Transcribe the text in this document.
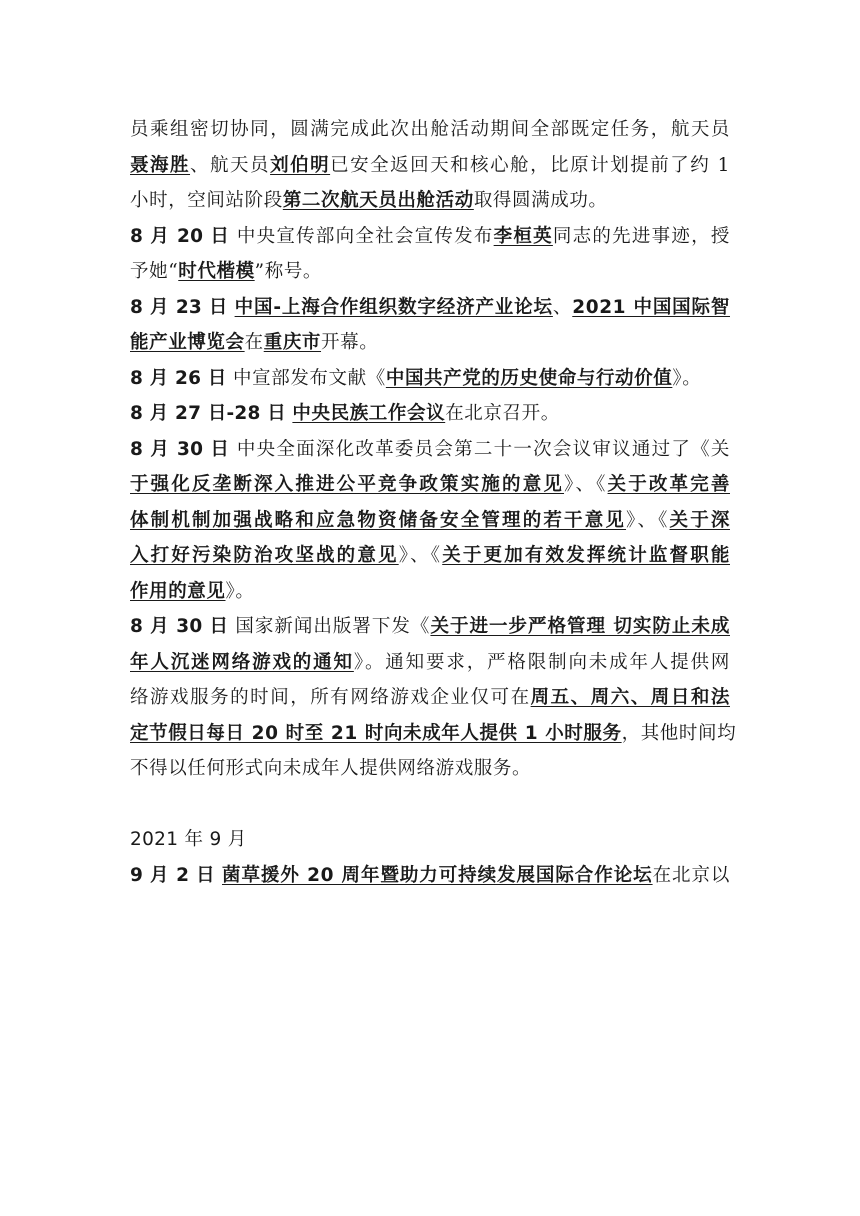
员乘组密切协同，圆满完成此次出舱活动期间全部既定任务，航天员
聂海胜、航天员刘伯明已安全返回天和核心舱，比原计划提前了约 1
小时，空间站阶段第二次航天员出舱活动取得圆满成功。
8 月 20 日 中央宣传部向全社会宣传发布李桓英同志的先进事迹，授
予她“时代楷模”称号。
8 月 23 日 中国-上海合作组织数字经济产业论坛、2021 中国国际智
能产业博览会在重庆市开幕。
8 月 26 日 中宣部发布文献《中国共产党的历史使命与行动价值》。
8 月 27 日-28 日 中央民族工作会议在北京召开。
8 月 30 日 中央全面深化改革委员会第二十一次会议审议通过了《关
于强化反垄断深入推进公平竞争政策实施的意见》、《关于改革完善
体制机制加强战略和应急物资储备安全管理的若干意见》、《关于深
入打好污染防治攻坚战的意见》、《关于更加有效发挥统计监督职能
作用的意见》。
8 月 30 日 国家新闻出版署下发《关于进一步严格管理 切实防止未成
年人沉迷网络游戏的通知》。通知要求，严格限制向未成年人提供网
络游戏服务的时间，所有网络游戏企业仅可在周五、周六、周日和法
定节假日每日 20 时至 21 时向未成年人提供 1 小时服务，其他时间均
不得以任何形式向未成年人提供网络游戏服务。
2021 年 9 月
9 月 2 日 菌草援外 20 周年暨助力可持续发展国际合作论坛在北京以
